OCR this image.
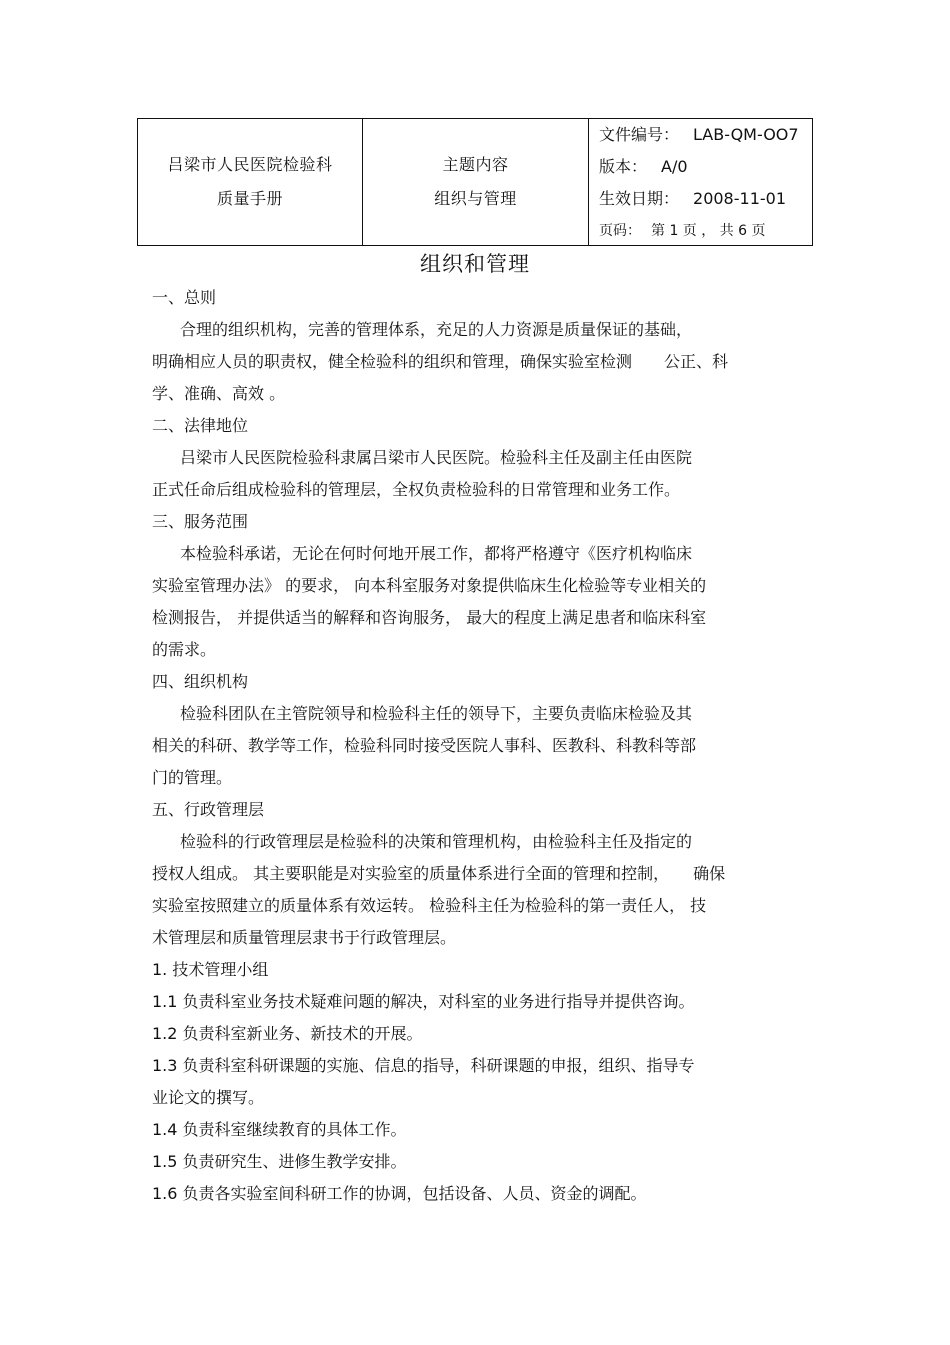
吕梁市人民医院检验科
质量手册
主题内容
组织与管理
文件编号： LAB-QM-OO7
版本： A/0
生效日期： 2008-11-01
页码： 第 1 页 ， 共 6 页
组织和管理
一、总则
合理的组织机构，完善的管理体系，充足的人力资源是质量保证的基础，
明确相应人员的职责权，健全检验科的组织和管理，确保实验室检测　　公正、科
学、准确、高效 。
二、法律地位
吕梁市人民医院检验科隶属吕梁市人民医院。检验科主任及副主任由医院
正式任命后组成检验科的管理层，全权负责检验科的日常管理和业务工作。
三、服务范围
本检验科承诺，无论在何时何地开展工作，都将严格遵守《医疗机构临床
实验室管理办法》 的要求， 向本科室服务对象提供临床生化检验等专业相关的
检测报告， 并提供适当的解释和咨询服务， 最大的程度上满足患者和临床科室
的需求。
四、组织机构
检验科团队在主管院领导和检验科主任的领导下，主要负责临床检验及其
相关的科研、教学等工作，检验科同时接受医院人事科、医教科、科教科等部
门的管理。
五、行政管理层
检验科的行政管理层是检验科的决策和管理机构，由检验科主任及指定的
授权人组成。 其主要职能是对实验室的质量体系进行全面的管理和控制，　　确保
实验室按照建立的质量体系有效运转。 检验科主任为检验科的第一责任人， 技
术管理层和质量管理层隶书于行政管理层。
1. 技术管理小组
1.1 负责科室业务技术疑难问题的解决，对科室的业务进行指导并提供咨询。
1.2 负责科室新业务、新技术的开展。
1.3 负责科室科研课题的实施、信息的指导，科研课题的申报，组织、指导专
业论文的撰写。
1.4 负责科室继续教育的具体工作。
1.5 负责研究生、进修生教学安排。
1.6 负责各实验室间科研工作的协调，包括设备、人员、资金的调配。
